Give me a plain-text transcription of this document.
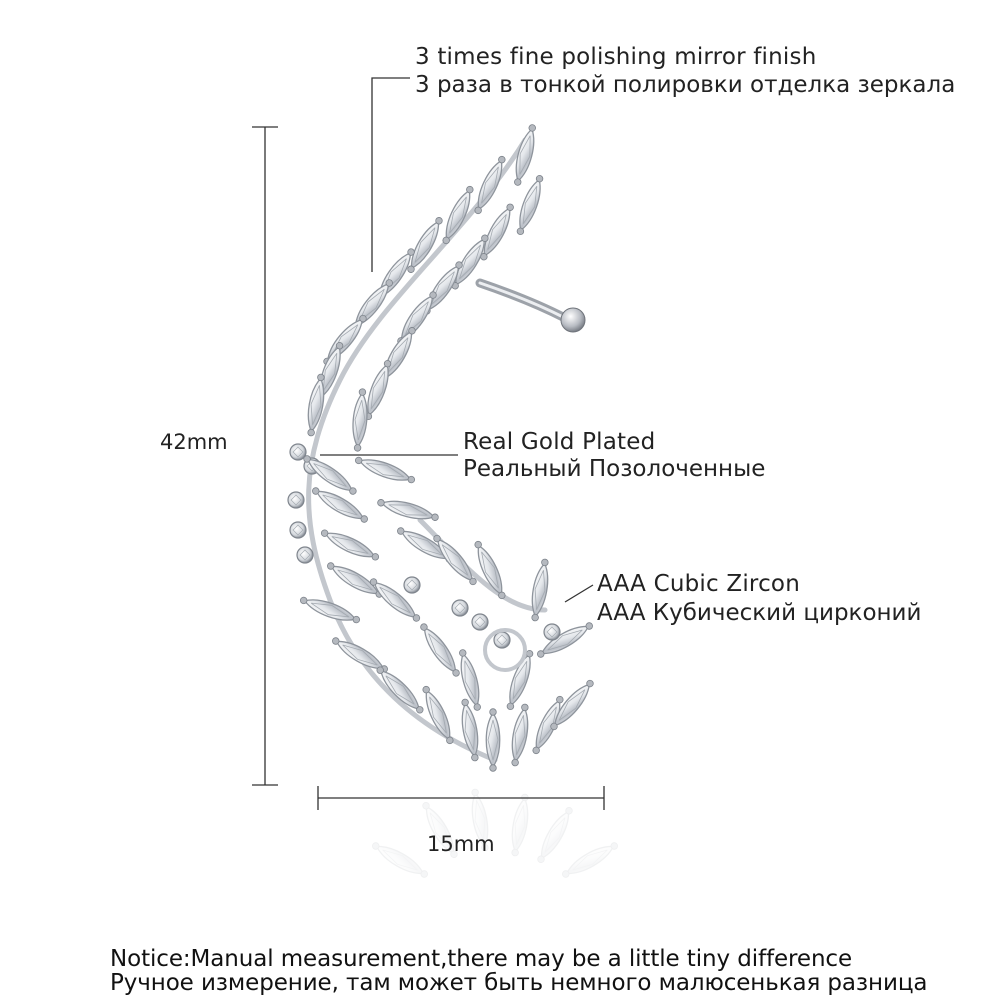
3 times fine polishing mirror finish
3 раза в тонкой полировки отделка зеркала
Real Gold Plated
Реальный Позолоченные
AAA Cubic Zircon
AAA Кубический цирконий
42mm
15mm
Notice:Manual measurement,there may be a little tiny difference
Ручное измерение, там может быть немного малюсенькая разница
